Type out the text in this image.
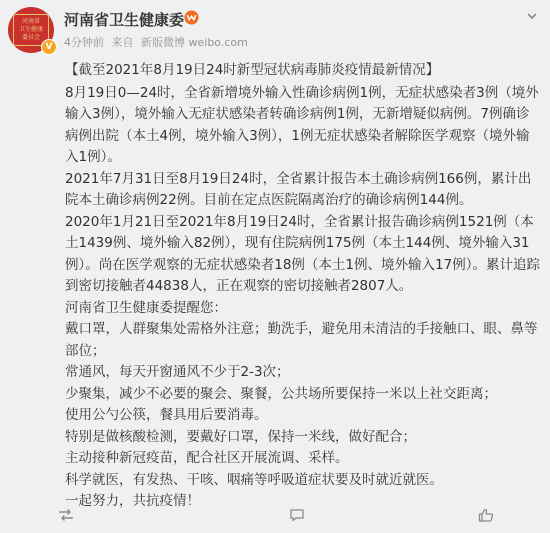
河南省
卫生健康
委员会
V
河南省卫生健康委
4分钟前 来自 新版微博 weibo.com

【截至2021年8月19日24时新型冠状病毒肺炎疫情最新情况】

8月19日0—24时，全省新增境外输入性确诊病例1例，无症状感染者3例（境外输入3例），境外输入无症状感染者转确诊病例1例，无新增疑似病例。7例确诊病例出院（本土4例，境外输入3例），1例无症状感染者解除医学观察（境外输入1例）。

2021年7月31日至8月19日24时，全省累计报告本土确诊病例166例，累计出院本土确诊病例22例。目前在定点医院隔离治疗的确诊病例144例。

2020年1月21日至2021年8月19日24时，全省累计报告确诊病例1521例（本土1439例、境外输入82例），现有住院病例175例（本土144例、境外输入31例）。尚在医学观察的无症状感染者18例（本土1例、境外输入17例）。累计追踪到密切接触者44838人，正在观察的密切接触者2807人。

河南省卫生健康委提醒您：

戴口罩，人群聚集处需格外注意；勤洗手，避免用未清洁的手接触口、眼、鼻等部位；

常通风，每天开窗通风不少于2-3次；

少聚集，减少不必要的聚会、聚餐，公共场所要保持一米以上社交距离；

使用公勺公筷，餐具用后要消毒。

特别是做核酸检测，要戴好口罩，保持一米线，做好配合；

主动接种新冠疫苗，配合社区开展流调、采样。

科学就医，有发热、干咳、咽痛等呼吸道症状要及时就近就医。

一起努力，共抗疫情！
